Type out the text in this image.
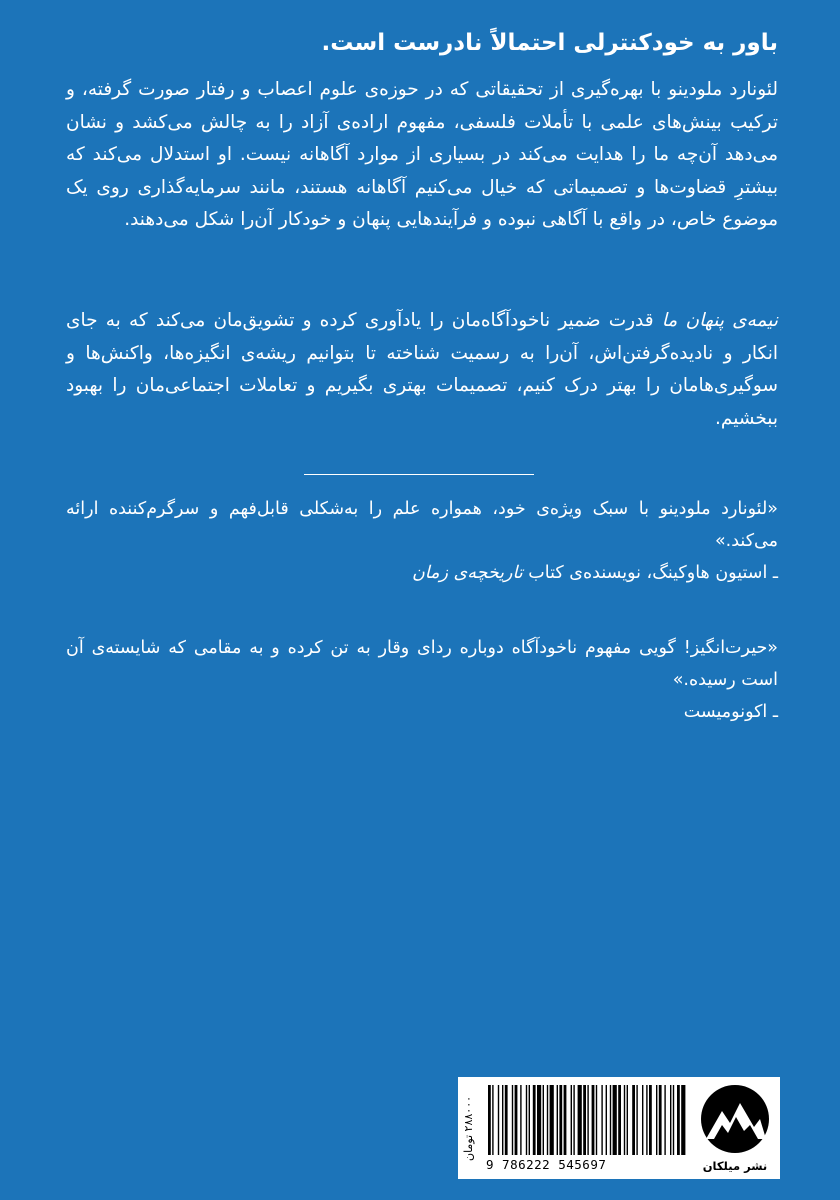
باور به خودکنترلی احتمالاً نادرست است.

لئونارد ملودینو با بهره‌گیری از تحقیقاتی که در حوزه‌ی علوم اعصاب و رفتار صورت گرفته، و ترکیب بینش‌های علمی با تأملات فلسفی، مفهوم اراده‌ی آزاد را به چالش می‌کشد و نشان می‌دهد آن‌چه ما را هدایت می‌کند در بسیاری از موارد آگاهانه نیست. او استدلال می‌کند که بیشترِ قضاوت‌ها و تصمیماتی که خیال می‌کنیم آگاهانه هستند، مانند سرمایه‌گذاری روی یک موضوع خاص، در واقع با آگاهی نبوده و فرآیندهایی پنهان و خودکار آن‌را شکل می‌دهند.

نیمه‌ی پنهان ما قدرت ضمیر ناخودآگاه‌مان را یادآوری کرده و تشویق‌مان می‌کند که به جای انکار و نادیده‌گرفتن‌اش، آن‌را به رسمیت شناخته تا بتوانیم ریشه‌ی انگیزه‌ها، واکنش‌ها و سوگیری‌هامان را بهتر درک کنیم، تصمیمات بهتری بگیریم و تعاملات اجتماعی‌مان را بهبود ببخشیم.

«لئونارد ملودینو با سبک ویژه‌ی خود، همواره علم را به‌شکلی قابل‌فهم و سرگرم‌کننده ارائه می‌کند.»

ـ استیون هاوکینگ، نویسنده‌ی کتاب تاریخچه‌ی زمان

«حیرت‌انگیز! گویی مفهوم ناخودآگاه دوباره ردای وقار به تن کرده و به مقامی که شایسته‌ی آن است رسیده.»

ـ اکونومیست

۲۸۸۰۰۰ تومان
9 786222 545697	نشر میلکان
